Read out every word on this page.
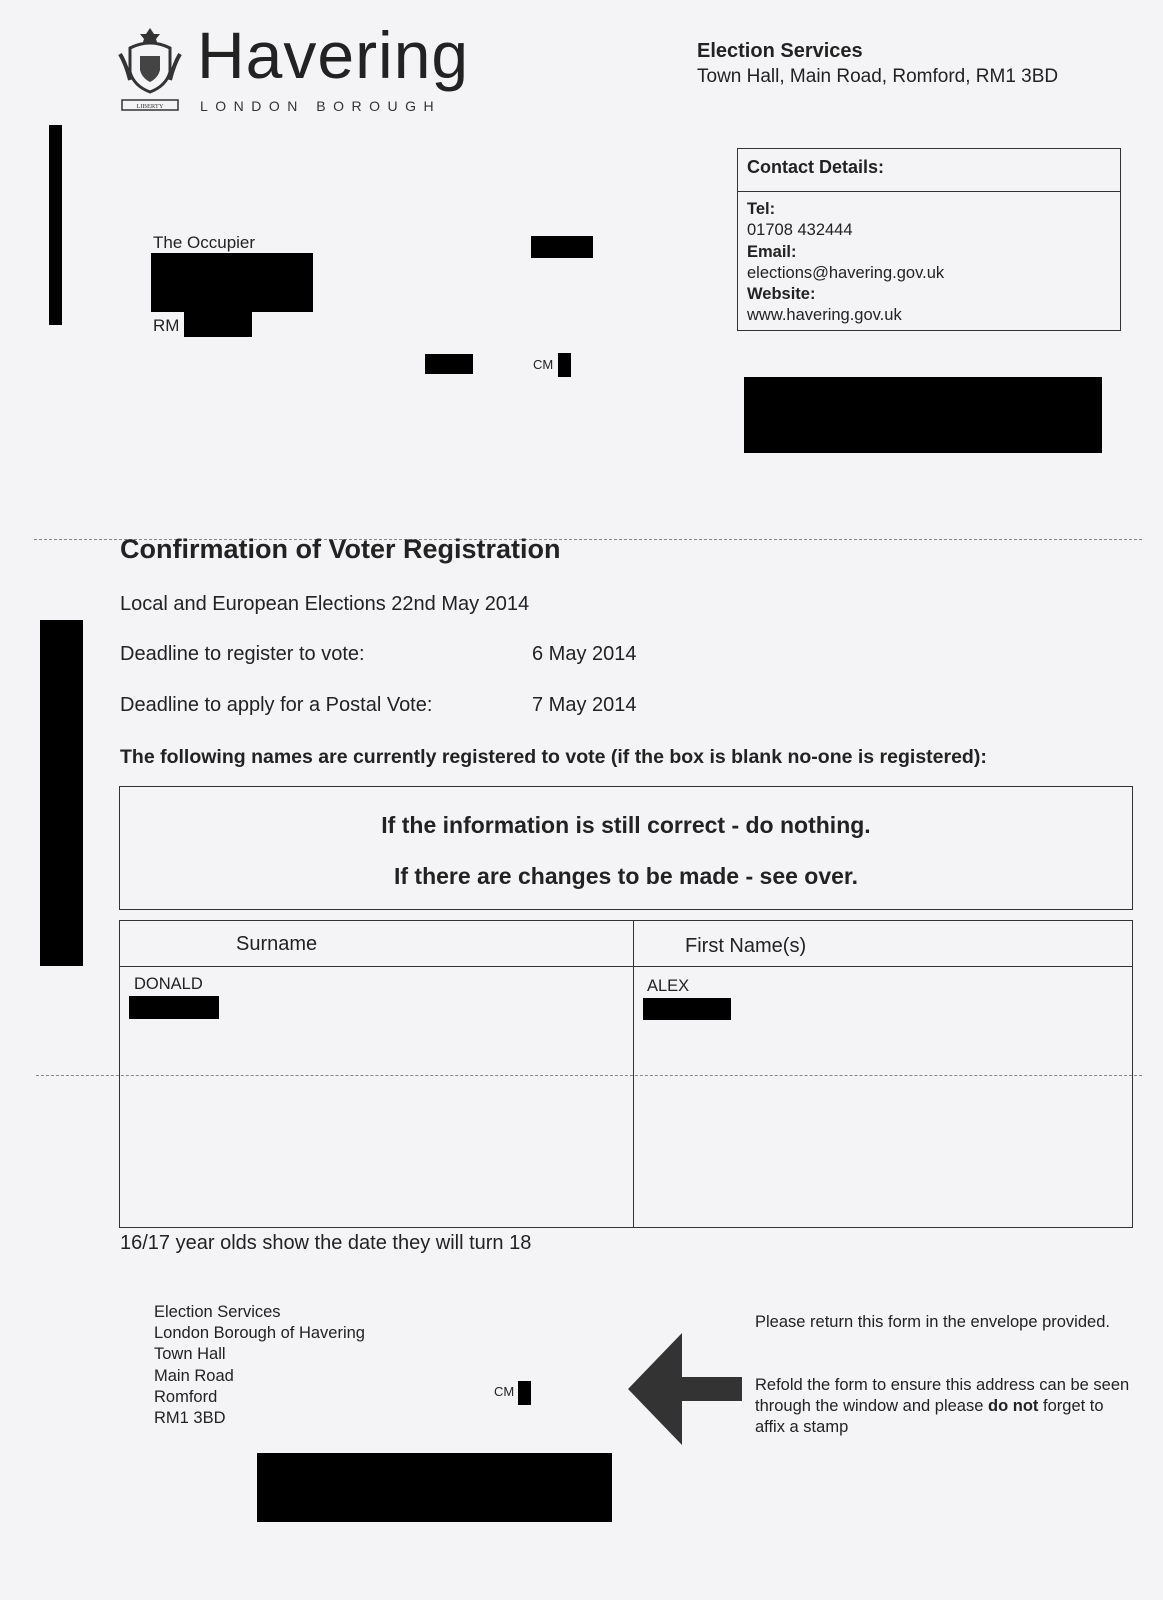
LIBERTY
Havering
LONDON BOROUGH
Election Services
Town Hall, Main Road, Romford, RM1 3BD
Contact Details:
Tel:
01708 432444
Email:
elections@havering.gov.uk
Website:
www.havering.gov.uk
The Occupier
RM
CM
Confirmation of Voter Registration
Local and European Elections 22nd May 2014
Deadline to register to vote:	6 May 2014
Deadline to apply for a Postal Vote:	7 May 2014
The following names are currently registered to vote (if the box is blank no-one is registered):
If the information is still correct - do nothing.
If there are changes to be made - see over.
Surname	First Name(s)
DONALD	ALEX
16/17 year olds show the date they will turn 18
Election Services
London Borough of Havering
Town Hall
Main Road
Romford
RM1 3BD
CM
Please return this form in the envelope provided.
Refold the form to ensure this address can be seen through the window and please do not forget to affix a stamp
